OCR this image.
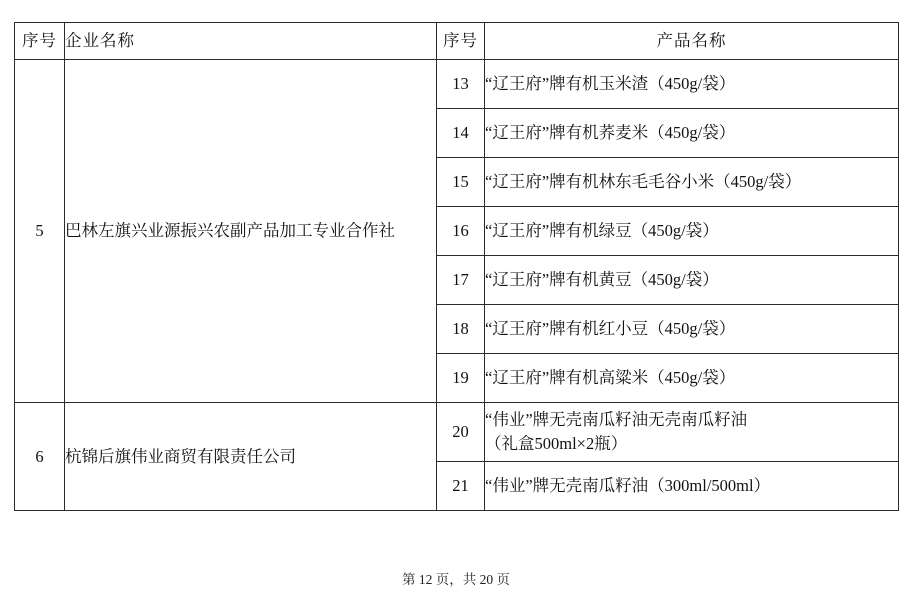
序号	企业名称	序号	产品名称
5	巴林左旗兴业源振兴农副产品加工专业合作社	13	“辽王府”牌有机玉米渣（450g/袋）
		14	“辽王府”牌有机荞麦米（450g/袋）
		15	“辽王府”牌有机林东毛毛谷小米（450g/袋）
		16	“辽王府”牌有机绿豆（450g/袋）
		17	“辽王府”牌有机黄豆（450g/袋）
		18	“辽王府”牌有机红小豆（450g/袋）
		19	“辽王府”牌有机高粱米（450g/袋）
6	杭锦后旗伟业商贸有限责任公司	20	“伟业”牌无壳南瓜籽油无壳南瓜籽油
（礼盒500ml×2瓶）

		21	“伟业”牌无壳南瓜籽油（300ml/500ml）
第 12 页，共 20 页
